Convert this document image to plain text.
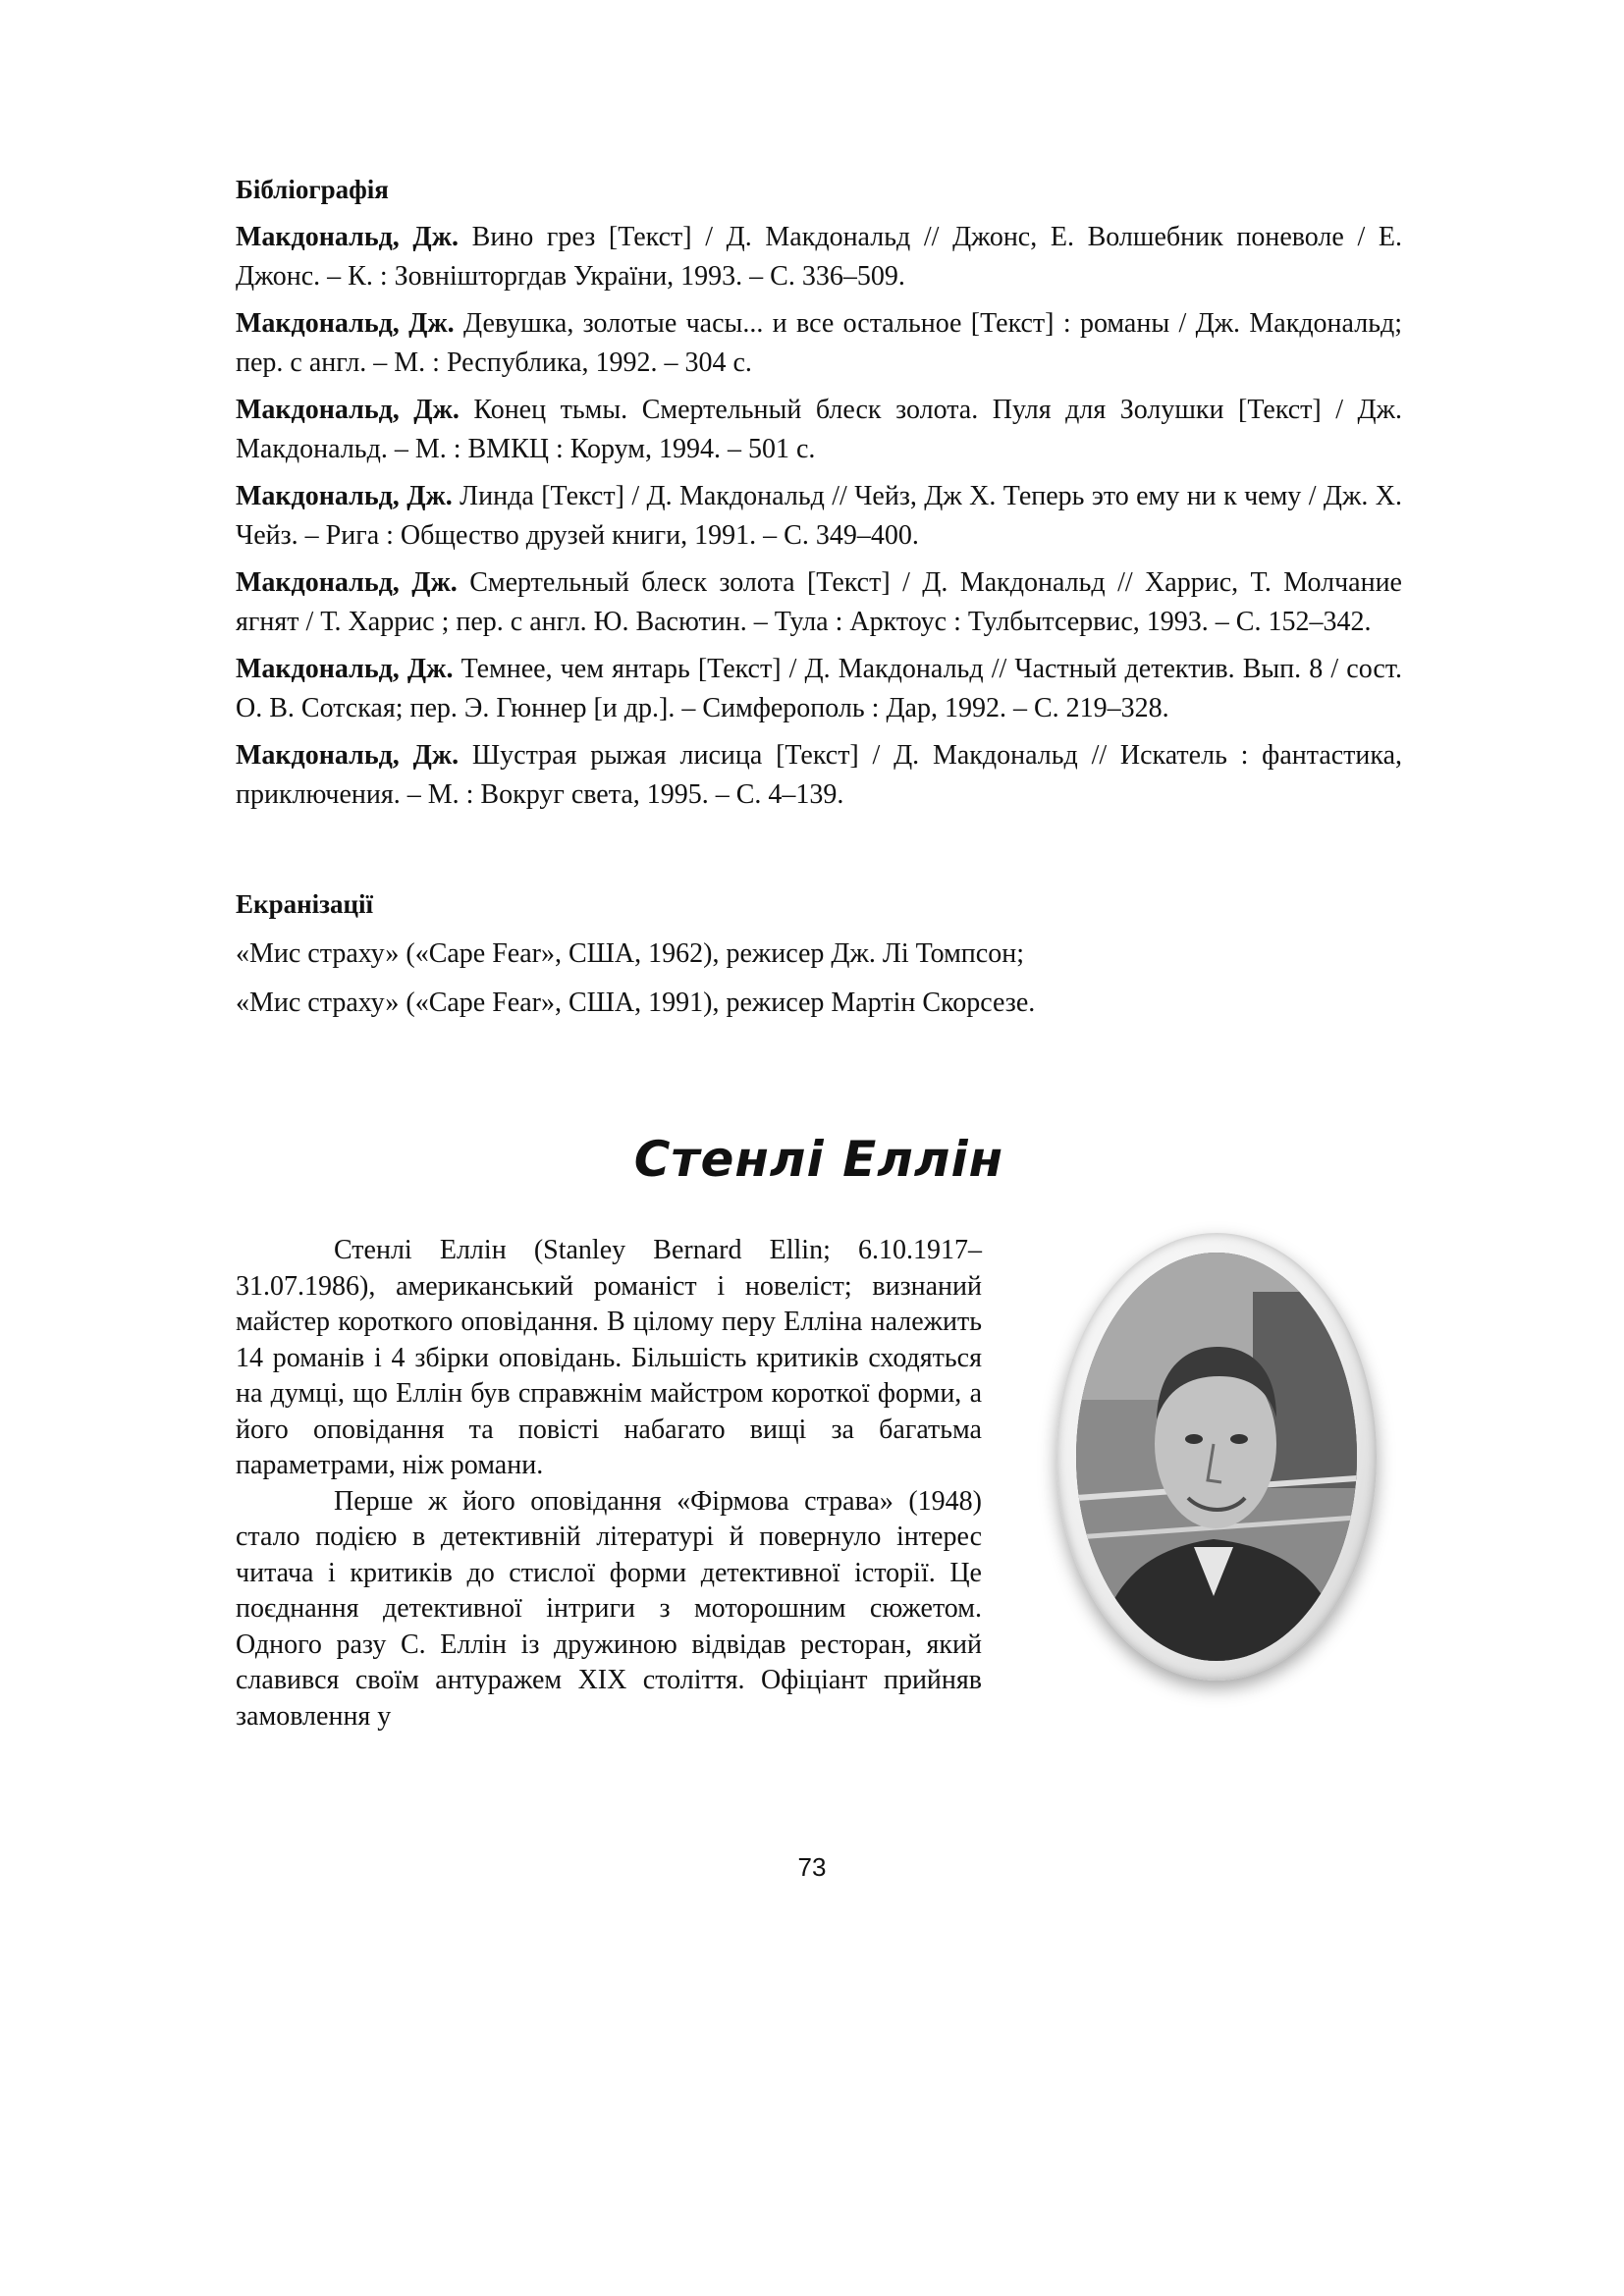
Бібліографія

Макдональд, Дж. Вино грез [Текст] / Д. Макдональд // Джонс, Е. Волшебник поневоле / Е. Джонс. – К. : Зовнішторгдав України, 1993. – С. 336–509.

Макдональд, Дж. Девушка, золотые часы... и все остальное [Текст] : романы / Дж. Макдональд; пер. с англ. – М. : Республика, 1992. – 304 с.

Макдональд, Дж. Конец тьмы. Смертельный блеск золота. Пуля для Золушки [Текст] / Дж. Макдональд. – М. : ВМКЦ : Корум, 1994. – 501 с.

Макдональд, Дж. Линда [Текст] / Д. Макдональд // Чейз, Дж Х. Теперь это ему ни к чему / Дж. Х. Чейз. – Рига : Общество друзей книги, 1991. – С. 349–400.

Макдональд, Дж. Смертельный блеск золота [Текст] / Д. Макдональд // Харрис, Т. Молчание ягнят / Т. Харрис ; пер. с англ. Ю. Васютин. – Тула : Арктоус : Тулбытсервис, 1993. – С. 152–342.

Макдональд, Дж. Темнее, чем янтарь [Текст] / Д. Макдональд // Частный детектив. Вып. 8 / сост. О. В. Сотская; пер. Э. Гюннер [и др.]. – Симферополь : Дар, 1992. – С. 219–328.

Макдональд, Дж. Шустрая рыжая лисица [Текст] / Д. Макдональд // Искатель : фантастика, приключения. – М. : Вокруг света, 1995. – С. 4–139.

Екранізації

«Мис страху» («Cape Fear», США, 1962), режисер Дж. Лі Томпсон;

«Мис страху» («Cape Fear», США, 1991), режисер Мартін Скорсезе.

Стенлі Еллін

Стенлі Еллін (Stanley Bernard Ellin; 6.10.1917–31.07.1986), американський романіст і новеліст; визнаний майстер короткого оповідання. В цілому перу Елліна належить 14 романів і 4 збірки оповідань. Більшість критиків сходяться на думці, що Еллін був справжнім майстром короткої форми, а його оповідання та повісті набагато вищі за багатьма параметрами, ніж романи.

Перше ж його оповідання «Фірмова страва» (1948) стало подією в детективній літературі й повернуло інтерес читача і критиків до стислої форми детективної історії. Це поєднання детективної інтриги з моторошним сюжетом. Одного разу С. Еллін із дружиною відвідав ресторан, який славився своїм антуражем XIX століття. Офіціант прийняв замовлення у

73
